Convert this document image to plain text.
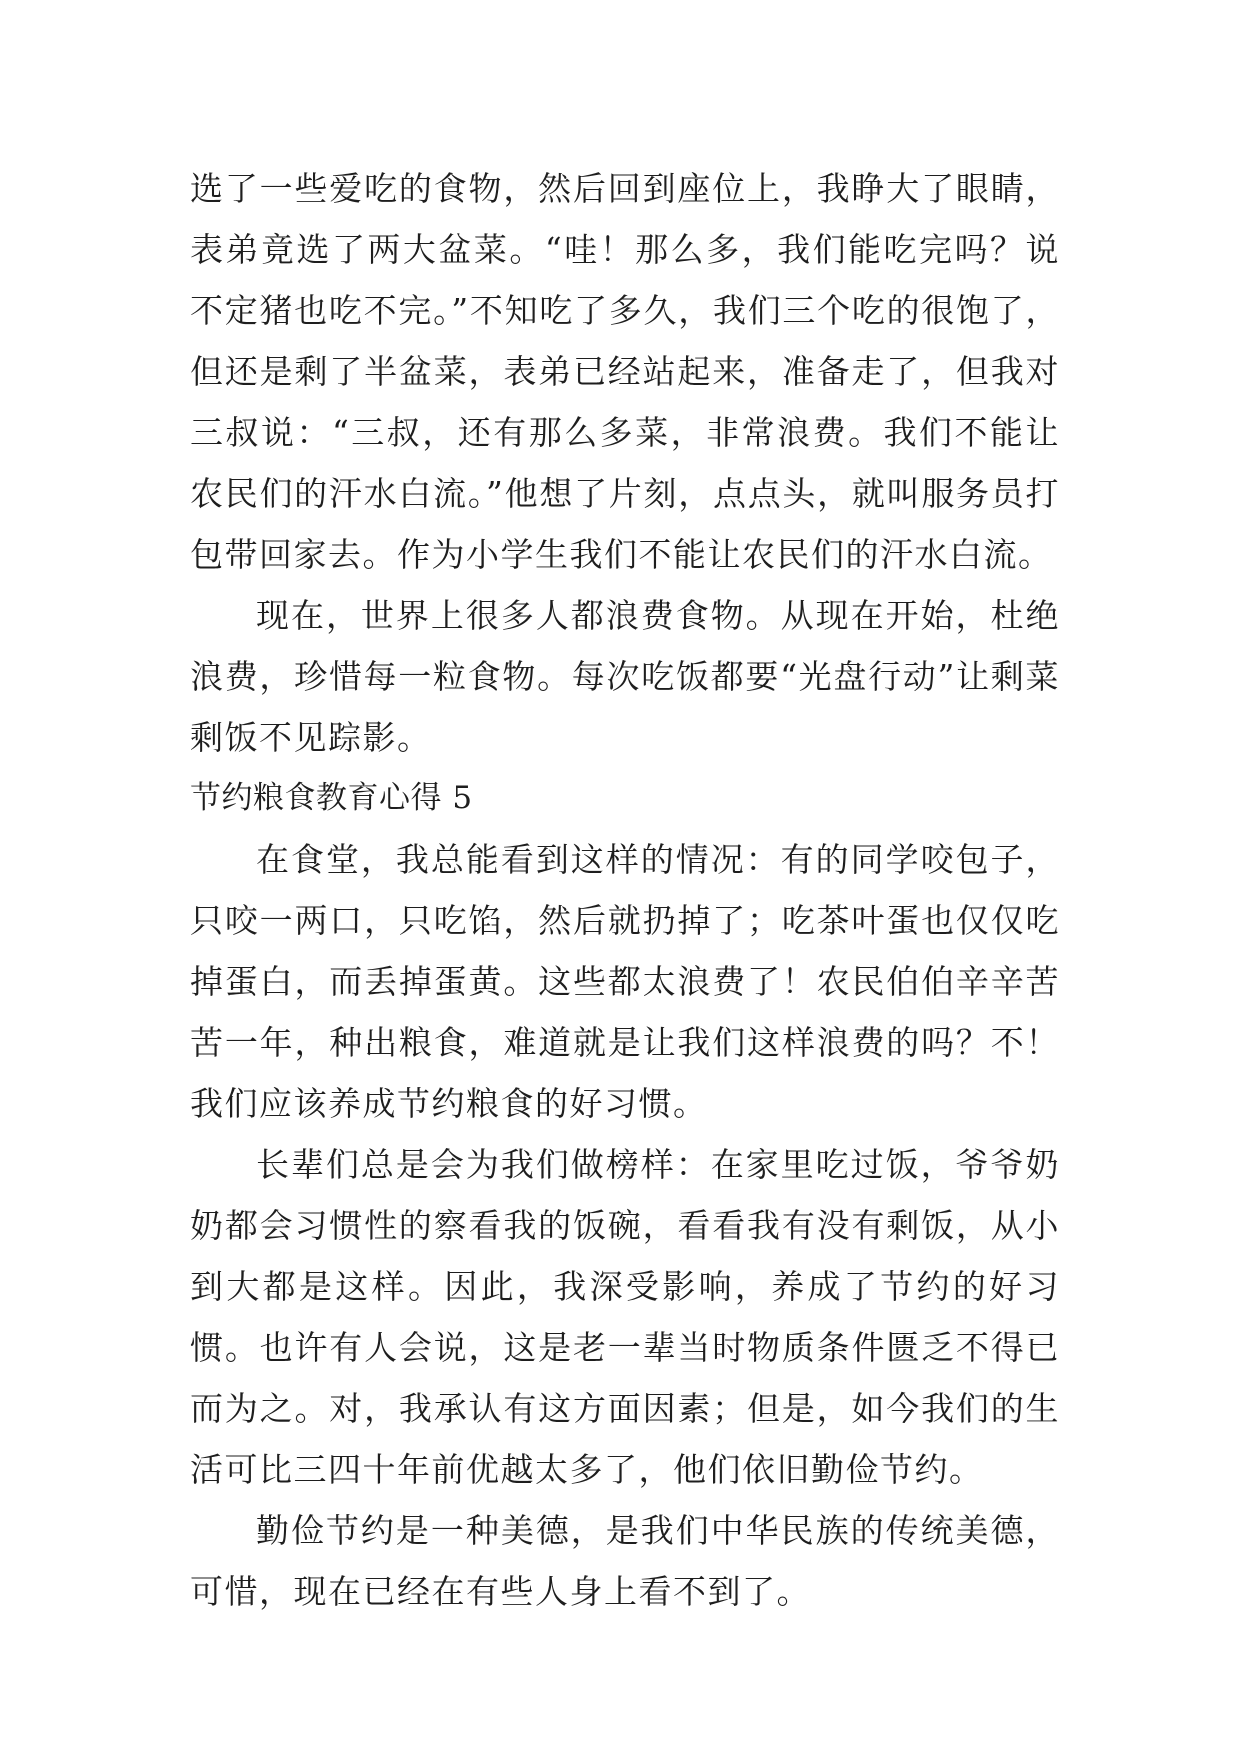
选了一些爱吃的食物，然后回到座位上，我睁大了眼睛，表弟竟选了两大盆菜。“哇！那么多，我们能吃完吗？说不定猪也吃不完。”不知吃了多久，我们三个吃的很饱了，但还是剩了半盆菜，表弟已经站起来，准备走了，但我对三叔说：“三叔，还有那么多菜，非常浪费。我们不能让农民们的汗水白流。”他想了片刻，点点头，就叫服务员打包带回家去。作为小学生我们不能让农民们的汗水白流。

现在，世界上很多人都浪费食物。从现在开始，杜绝浪费，珍惜每一粒食物。每次吃饭都要“光盘行动”让剩菜剩饭不见踪影。

节约粮食教育心得 5

在食堂，我总能看到这样的情况：有的同学咬包子，只咬一两口，只吃馅，然后就扔掉了；吃茶叶蛋也仅仅吃掉蛋白，而丢掉蛋黄。这些都太浪费了！农民伯伯辛辛苦苦一年，种出粮食，难道就是让我们这样浪费的吗？不！我们应该养成节约粮食的好习惯。

长辈们总是会为我们做榜样：在家里吃过饭，爷爷奶奶都会习惯性的察看我的饭碗，看看我有没有剩饭，从小到大都是这样。因此，我深受影响，养成了节约的好习惯。也许有人会说，这是老一辈当时物质条件匮乏不得已而为之。对，我承认有这方面因素；但是，如今我们的生活可比三四十年前优越太多了，他们依旧勤俭节约。

勤俭节约是一种美德，是我们中华民族的传统美德，可惜，现在已经在有些人身上看不到了。
